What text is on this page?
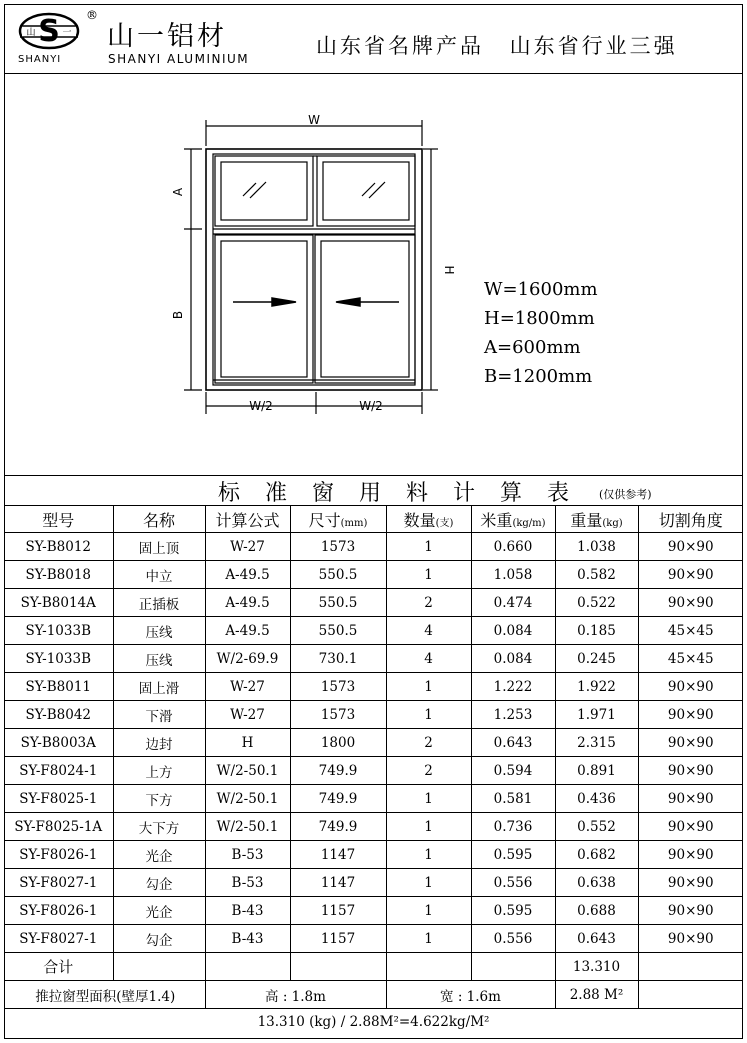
S
山	一
®
SHANYI
山一铝材
SHANYI ALUMINIUM
山东省名牌产品 山东省行业三强
W
A
B
H
W/2	W/2
W=1600mm
H=1800mm
A=600mm
B=1200mm
标准窗用料计算表 (仅供参考)
型号	名称	计算公式	尺寸(mm)	数量(支)	米重(kg/m)	重量(kg)	切割角度
SY-B8012	固上顶	W-27	1573	1	0.660	1.038	90×90
SY-B8018	中立	A-49.5	550.5	1	1.058	0.582	90×90
SY-B8014A	正插板	A-49.5	550.5	2	0.474	0.522	90×90
SY-1033B	压线	A-49.5	550.5	4	0.084	0.185	45×45
SY-1033B	压线	W/2-69.9	730.1	4	0.084	0.245	45×45
SY-B8011	固上滑	W-27	1573	1	1.222	1.922	90×90
SY-B8042	下滑	W-27	1573	1	1.253	1.971	90×90
SY-B8003A	边封	H	1800	2	0.643	2.315	90×90
SY-F8024-1	上方	W/2-50.1	749.9	2	0.594	0.891	90×90
SY-F8025-1	下方	W/2-50.1	749.9	1	0.581	0.436	90×90
SY-F8025-1A	大下方	W/2-50.1	749.9	1	0.736	0.552	90×90
SY-F8026-1	光企	B-53	1147	1	0.595	0.682	90×90
SY-F8027-1	勾企	B-53	1147	1	0.556	0.638	90×90
SY-F8026-1	光企	B-43	1157	1	0.595	0.688	90×90
SY-F8027-1	勾企	B-43	1157	1	0.556	0.643	90×90
合计						13.310	
推拉窗型面积(壁厚1.4)		高 : 1.8m		宽 : 1.6m		2.88 M²	
13.310 (kg) / 2.88M²=4.622kg/M²
